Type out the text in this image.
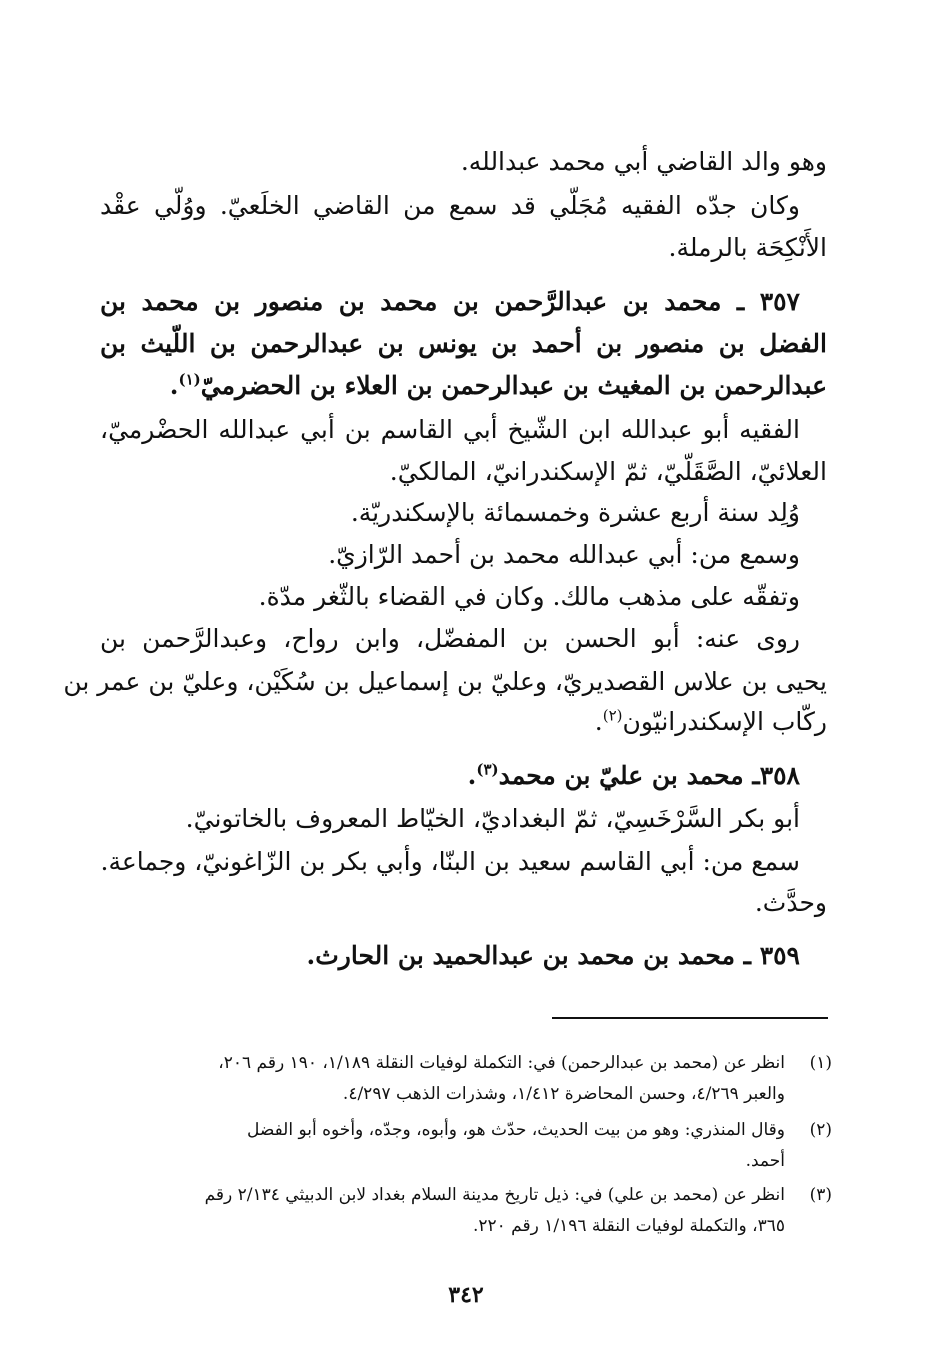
وهو والد القاضي أبي محمد عبدالله.
وكان جدّه الفقيه مُجَلّي قد سمع من القاضي الخلَعيّ. ووُلّي عقْد
الأَنْكِحَة بالرملة.
٣٥٧ ـ محمد بن عبدالرَّحمن بن محمد بن منصور بن محمد بن
الفضل بن منصور بن أحمد بن يونس بن عبدالرحمن بن اللّيث بن
عبدالرحمن بن المغيث بن عبدالرحمن بن العلاء بن الحضرميّ$^{(١)}$.
الفقيه أبو عبدالله ابن الشّيخ أبي القاسم بن أبي عبدالله الحضْرميّ،
العلائيّ، الصَّقَلّيّ، ثمّ الإسكندرانيّ، المالكيّ.
وُلِد سنة أربع عشرة وخمسمائة بالإسكندريّة.
وسمع من: أبي عبدالله محمد بن أحمد الرّازيّ.
وتفقّه على مذهب مالك. وكان في القضاء بالثّغر مدّة.
روى عنه: أبو الحسن بن المفضّل، وابن رواح، وعبدالرَّحمن بن
يحيى بن علاس القصديريّ، وعليّ بن إسماعيل بن سُكَيْن، وعليّ بن عمر بن
ركّاب الإسكندرانيّون$^{(٢)}$.
٣٥٨ـ محمد بن عليّ بن محمد$^{(٣)}$.
أبو بكر السَّرْخَسِيّ، ثمّ البغداديّ، الخيّاط المعروف بالخاتونيّ.
سمع من: أبي القاسم سعيد بن البنّا، وأبي بكر بن الزّاغونيّ، وجماعة.
وحدَّث.
٣٥٩ ـ محمد بن محمد بن عبدالحميد بن الحارث.
(١)
انظر عن (محمد بن عبدالرحمن) في: التكملة لوفيات النقلة ١/١٨٩، ١٩٠ رقم ٢٠٦،
والعبر ٤/٢٦٩، وحسن المحاضرة ١/٤١٢، وشذرات الذهب ٤/٢٩٧.
(٢)
وقال المنذري: وهو من بيت الحديث، حدّث هو، وأبوه، وجدّه، وأخوه أبو الفضل
أحمد.
(٣)
انظر عن (محمد بن علي) في: ذيل تاريخ مدينة السلام بغداد لابن الدبيثي ٢/١٣٤ رقم
٣٦٥، والتكملة لوفيات النقلة ١/١٩٦ رقم ٢٢٠.
٣٤٢
